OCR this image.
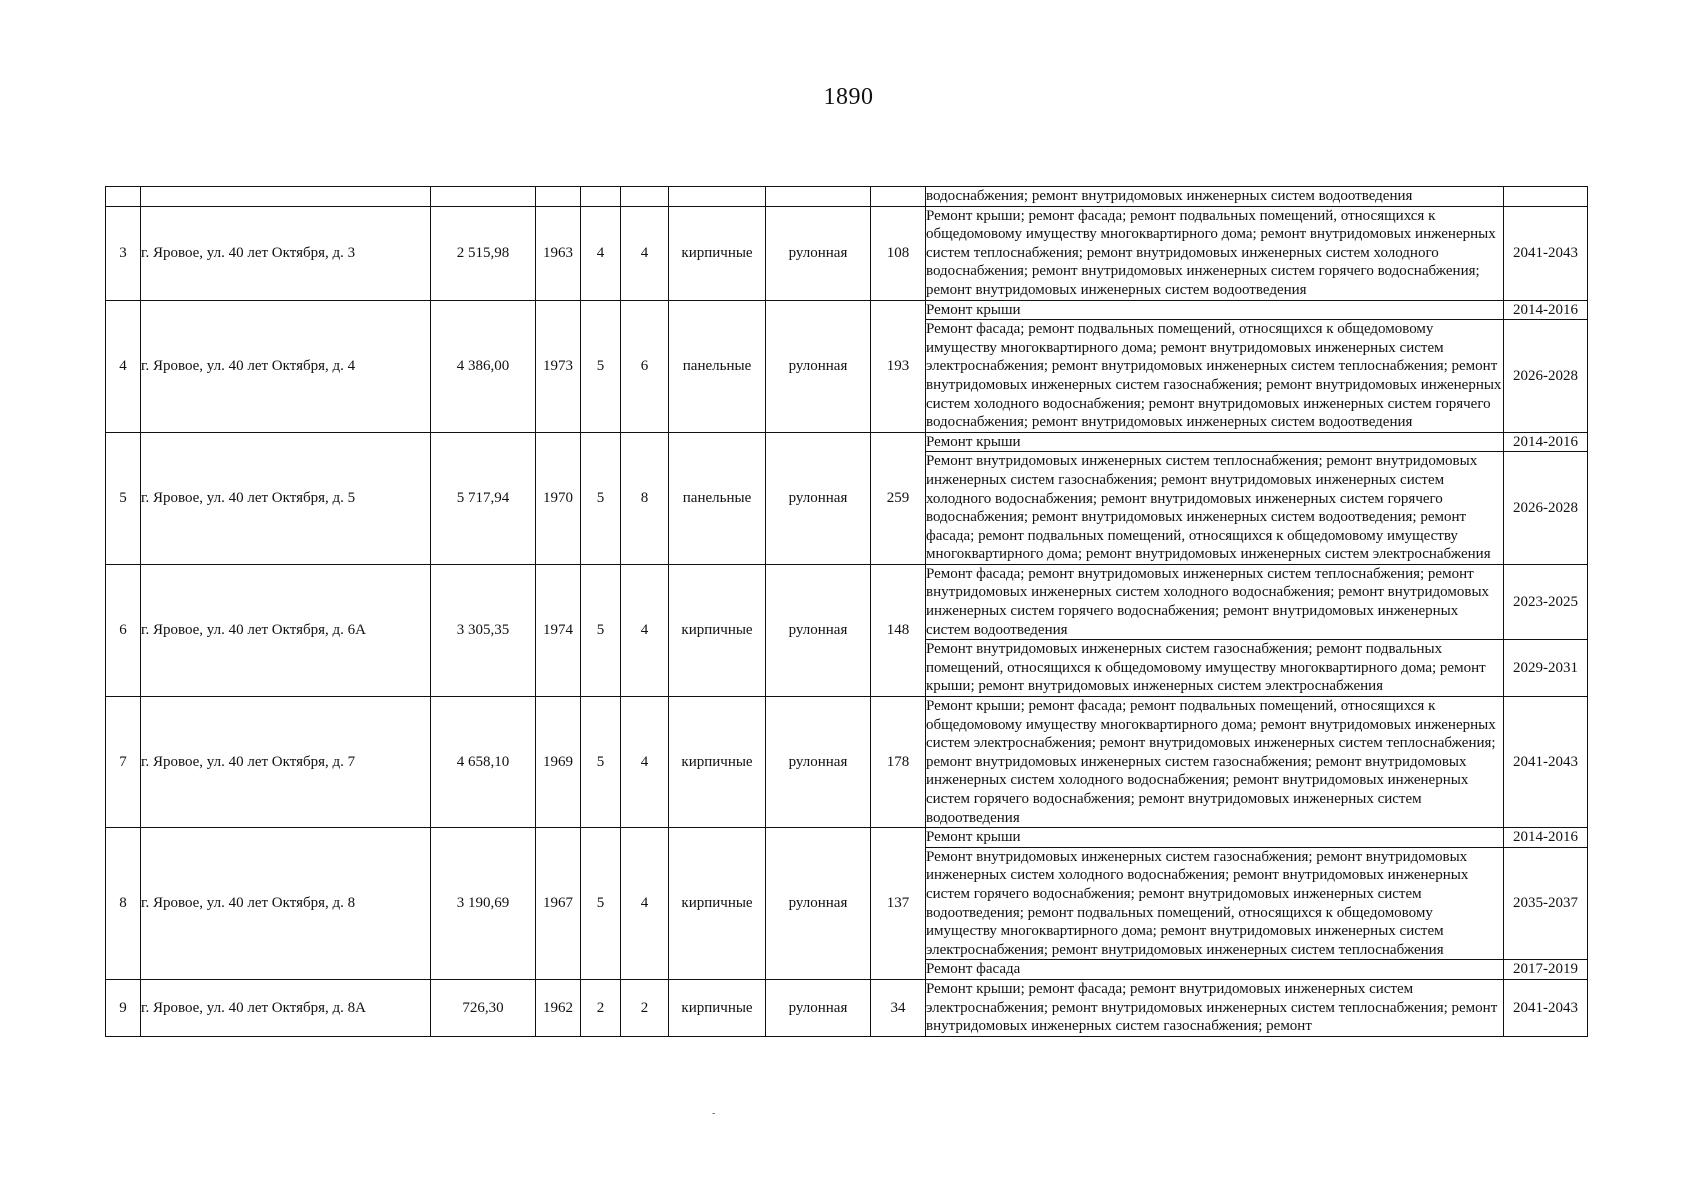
1890
									водоснабжения; ремонт внутридомовых инженерных систем водоотведения	
3	г. Яровое, ул. 40 лет Октября, д. 3	2 515,98	1963	4	4	кирпичные	рулонная	108	Ремонт крыши; ремонт фасада; ремонт подвальных помещений, относящихся к общедомовому имуществу многоквартирного дома; ремонт внутридомовых инженерных систем теплоснабжения; ремонт внутридомовых инженерных систем холодного водоснабжения; ремонт внутридомовых инженерных систем горячего водоснабжения; ремонт внутридомовых инженерных систем водоотведения	2041-2043
4	г. Яровое, ул. 40 лет Октября, д. 4	4 386,00	1973	5	6	панельные	рулонная	193	Ремонт крыши	2014-2016
									Ремонт фасада; ремонт подвальных помещений, относящихся к общедомовому имуществу многоквартирного дома; ремонт внутридомовых инженерных систем электроснабжения; ремонт внутридомовых инженерных систем теплоснабжения; ремонт внутридомовых инженерных систем газоснабжения; ремонт внутридомовых инженерных систем холодного водоснабжения; ремонт внутридомовых инженерных систем горячего водоснабжения; ремонт внутридомовых инженерных систем водоотведения	2026-2028
5	г. Яровое, ул. 40 лет Октября, д. 5	5 717,94	1970	5	8	панельные	рулонная	259	Ремонт крыши	2014-2016
									Ремонт внутридомовых инженерных систем теплоснабжения; ремонт внутридомовых инженерных систем газоснабжения; ремонт внутридомовых инженерных систем холодного водоснабжения; ремонт внутридомовых инженерных систем горячего водоснабжения; ремонт внутридомовых инженерных систем водоотведения; ремонт фасада; ремонт подвальных помещений, относящихся к общедомовому имуществу многоквартирного дома; ремонт внутридомовых инженерных систем электроснабжения	2026-2028
6	г. Яровое, ул. 40 лет Октября, д. 6А	3 305,35	1974	5	4	кирпичные	рулонная	148	Ремонт фасада; ремонт внутридомовых инженерных систем теплоснабжения; ремонт внутридомовых инженерных систем холодного водоснабжения; ремонт внутридомовых инженерных систем горячего водоснабжения; ремонт внутридомовых инженерных систем водоотведения	2023-2025
									Ремонт внутридомовых инженерных систем газоснабжения; ремонт подвальных помещений, относящихся к общедомовому имуществу многоквартирного дома; ремонт крыши; ремонт внутридомовых инженерных систем электроснабжения	2029-2031
7	г. Яровое, ул. 40 лет Октября, д. 7	4 658,10	1969	5	4	кирпичные	рулонная	178	Ремонт крыши; ремонт фасада; ремонт подвальных помещений, относящихся к общедомовому имуществу многоквартирного дома; ремонт внутридомовых инженерных систем электроснабжения; ремонт внутридомовых инженерных систем теплоснабжения; ремонт внутридомовых инженерных систем газоснабжения; ремонт внутридомовых инженерных систем холодного водоснабжения; ремонт внутридомовых инженерных систем горячего водоснабжения; ремонт внутридомовых инженерных систем водоотведения	2041-2043
8	г. Яровое, ул. 40 лет Октября, д. 8	3 190,69	1967	5	4	кирпичные	рулонная	137	Ремонт крыши	2014-2016
									Ремонт внутридомовых инженерных систем газоснабжения; ремонт внутридомовых инженерных систем холодного водоснабжения; ремонт внутридомовых инженерных систем горячего водоснабжения; ремонт внутридомовых инженерных систем водоотведения; ремонт подвальных помещений, относящихся к общедомовому имуществу многоквартирного дома; ремонт внутридомовых инженерных систем электроснабжения; ремонт внутридомовых инженерных систем теплоснабжения	2035-2037
									Ремонт фасада	2017-2019
9	г. Яровое, ул. 40 лет Октября, д. 8А	726,30	1962	2	2	кирпичные	рулонная	34	Ремонт крыши; ремонт фасада; ремонт внутридомовых инженерных систем электроснабжения; ремонт внутридомовых инженерных систем теплоснабжения; ремонт внутридомовых инженерных систем газоснабжения; ремонт	2041-2043
-
